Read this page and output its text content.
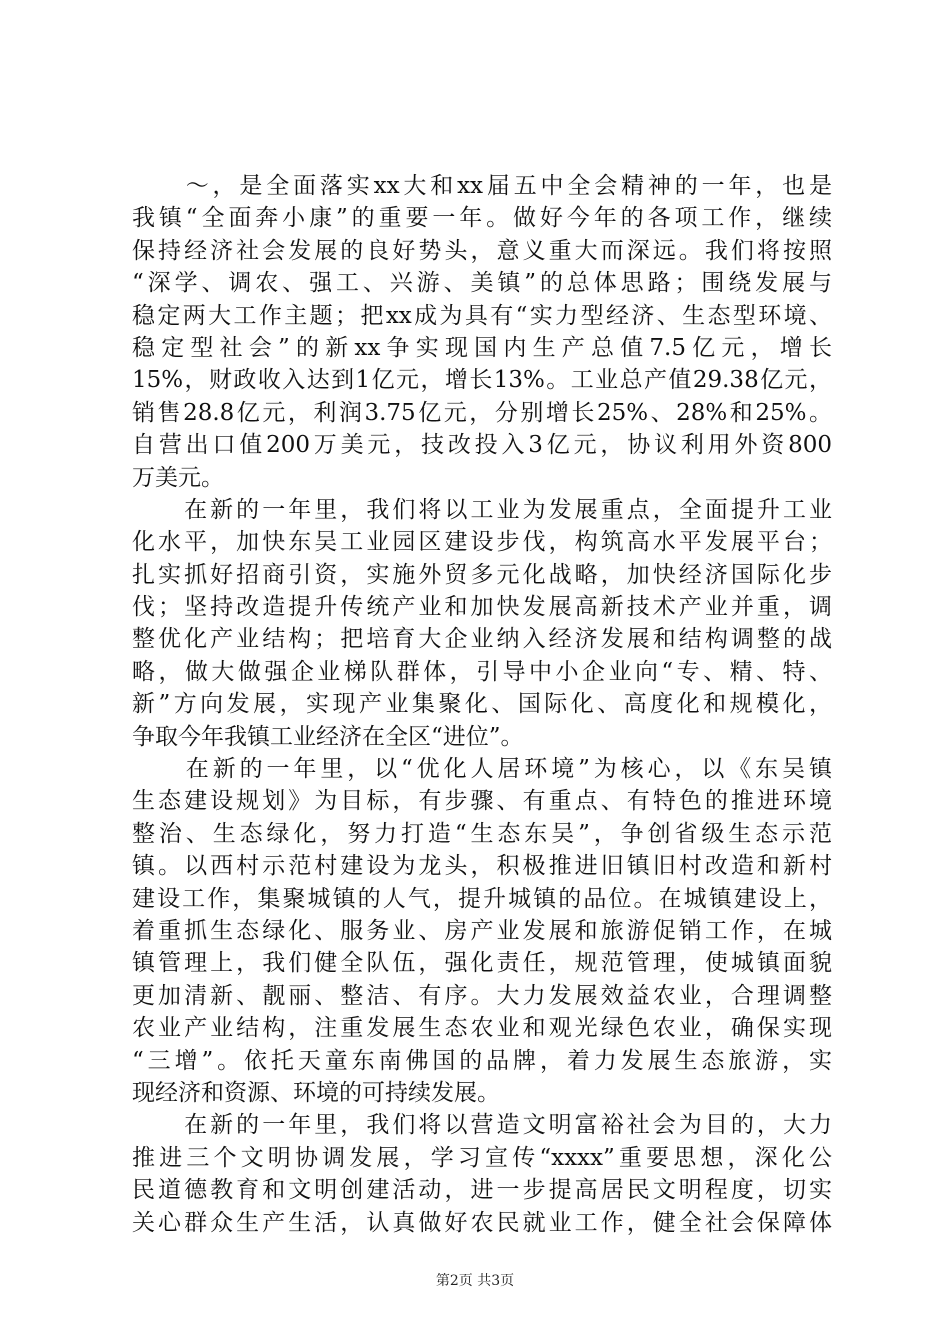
　　～，是全面落实xx大和xx届五中全会精神的一年，也是
我镇“全面奔小康”的重要一年。做好今年的各项工作，继续
保持经济社会发展的良好势头，意义重大而深远。我们将按照
“深学、调农、强工、兴游、美镇”的总体思路；围绕发展与
稳定两大工作主题；把xx成为具有“实力型经济、生态型环境、
稳定型社会”的新xx争实现国内生产总值7.5亿元，增长
15%，财政收入达到1亿元，增长13%。工业总产值29.38亿元，
销售28.8亿元，利润3.75亿元，分别增长25%、28%和25%。
自营出口值200万美元，技改投入3亿元，协议利用外资800
万美元。
　　在新的一年里，我们将以工业为发展重点，全面提升工业
化水平，加快东吴工业园区建设步伐，构筑高水平发展平台；
扎实抓好招商引资，实施外贸多元化战略，加快经济国际化步
伐；坚持改造提升传统产业和加快发展高新技术产业并重，调
整优化产业结构；把培育大企业纳入经济发展和结构调整的战
略，做大做强企业梯队群体，引导中小企业向“专、精、特、
新”方向发展，实现产业集聚化、国际化、高度化和规模化，
争取今年我镇工业经济在全区“进位”。
　　在新的一年里，以“优化人居环境”为核心，以《东吴镇
生态建设规划》为目标，有步骤、有重点、有特色的推进环境
整治、生态绿化，努力打造“生态东吴”，争创省级生态示范
镇。以西村示范村建设为龙头，积极推进旧镇旧村改造和新村
建设工作，集聚城镇的人气，提升城镇的品位。在城镇建设上，
着重抓生态绿化、服务业、房产业发展和旅游促销工作，在城
镇管理上，我们健全队伍，强化责任，规范管理，使城镇面貌
更加清新、靓丽、整洁、有序。大力发展效益农业，合理调整
农业产业结构，注重发展生态农业和观光绿色农业，确保实现
“三增”。依托天童东南佛国的品牌，着力发展生态旅游，实
现经济和资源、环境的可持续发展。
　　在新的一年里，我们将以营造文明富裕社会为目的，大力
推进三个文明协调发展，学习宣传“xxxx”重要思想，深化公
民道德教育和文明创建活动，进一步提高居民文明程度，切实
关心群众生产生活，认真做好农民就业工作，健全社会保障体
第2页 共3页
